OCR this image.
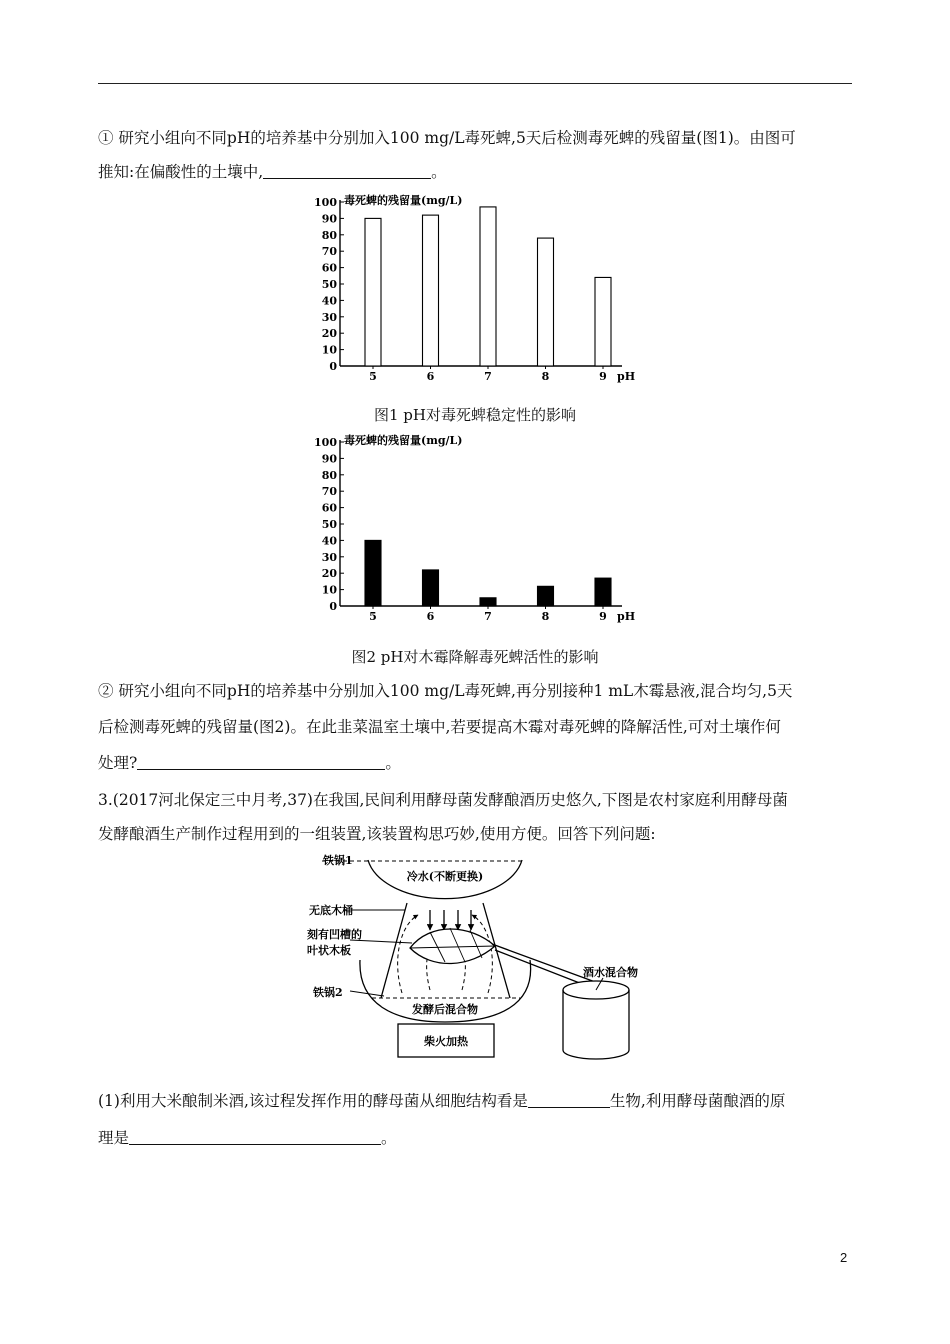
① 研究小组向不同pH的培养基中分别加入100 mg/L毒死蜱,5天后检测毒死蜱的残留量(图1)。由图可

推知:在偏酸性的土壤中,	。

0
10
20
30
40
50
60
70
80
90
100 毒死蜱的残留量(mg/L)
5	6	7	8	9 pH
图1 pH对毒死蜱稳定性的影响
0
10
20
30
40
50
60
70
80
90
100 毒死蜱的残留量(mg/L)
5	6	7	8	9 pH
图2 pH对木霉降解毒死蜱活性的影响

② 研究小组向不同pH的培养基中分别加入100 mg/L毒死蜱,再分别接种1 mL木霉悬液,混合均匀,5天

后检测毒死蜱的残留量(图2)。在此韭菜温室土壤中,若要提高木霉对毒死蜱的降解活性,可对土壤作何

处理?	。

3.(2017河北保定三中月考,37)在我国,民间利用酵母菌发酵酿酒历史悠久,下图是农村家庭利用酵母菌

发酵酿酒生产制作过程用到的一组装置,该装置构思巧妙,使用方便。回答下列问题:

铁锅1
冷水(不断更换)
无底木桶
刻有凹槽的
叶状木板
酒水混合物
铁锅2
发酵后混合物
柴火加热

(1)利用大米酿制米酒,该过程发挥作用的酵母菌从细胞结构看是	生物,利用酵母菌酿酒的原

理是	。

2
